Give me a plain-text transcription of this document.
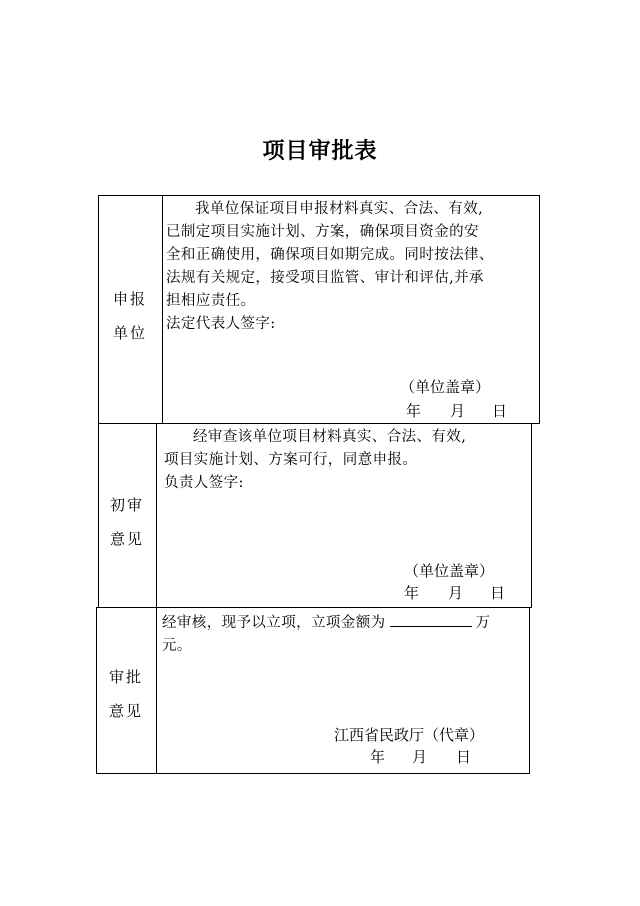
项目审批表
申报
单位
我单位保证项目申报材料真实、合法、有效,
已制定项目实施计划、方案，确保项目资金的安
全和正确使用，确保项目如期完成。同时按法律、
法规有关规定，接受项目监管、审计和评估,并承
担相应责任。
法定代表人签字:
（单位盖章）
年 月 日
初审
意见
经审查该单位项目材料真实、合法、有效,
项目实施计划、方案可行，同意申报。
负责人签字:
（单位盖章）
年 月 日
审批
意见
经审核，现予以立项，立项金额为	万
元。
江西省民政厅（代章）
年 月 日
